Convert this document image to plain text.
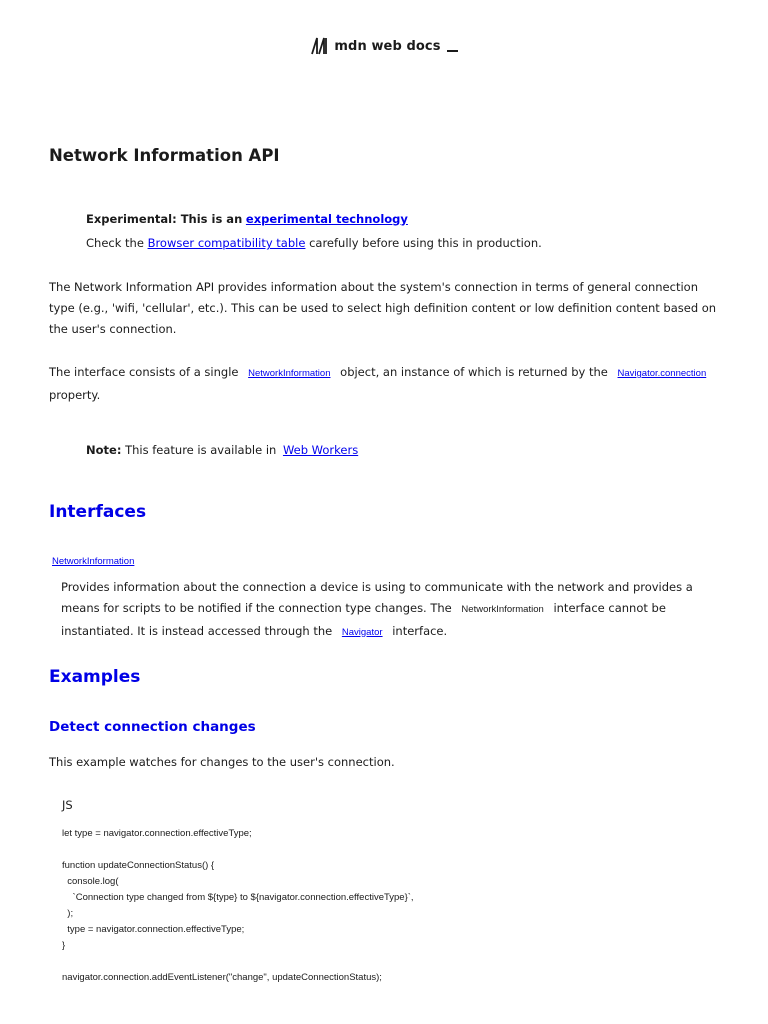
mdn web docs
Network Information API
Experimental: This is an experimental technology
Check the Browser compatibility table carefully before using this in production.
The Network Information API provides information about the system's connection in terms of general connection type (e.g., 'wifi, 'cellular', etc.). This can be used to select high definition content or low definition content based on the user's connection.
The interface consists of a single NetworkInformation object, an instance of which is returned by the Navigator.connection
property.
Note: This feature is available in Web Workers
Interfaces
NetworkInformation
Provides information about the connection a device is using to communicate with the network and provides a means for scripts to be notified if the connection type changes. The NetworkInformation interface cannot be instantiated. It is instead accessed through the Navigator interface.
Examples
Detect connection changes
This example watches for changes to the user's connection.
JS
let type = navigator.connection.effectiveType;

function updateConnectionStatus() {
console.log(
`Connection type changed from ${type} to ${navigator.connection.effectiveType}`,
);
type = navigator.connection.effectiveType;
}

navigator.connection.addEventListener("change", updateConnectionStatus);
